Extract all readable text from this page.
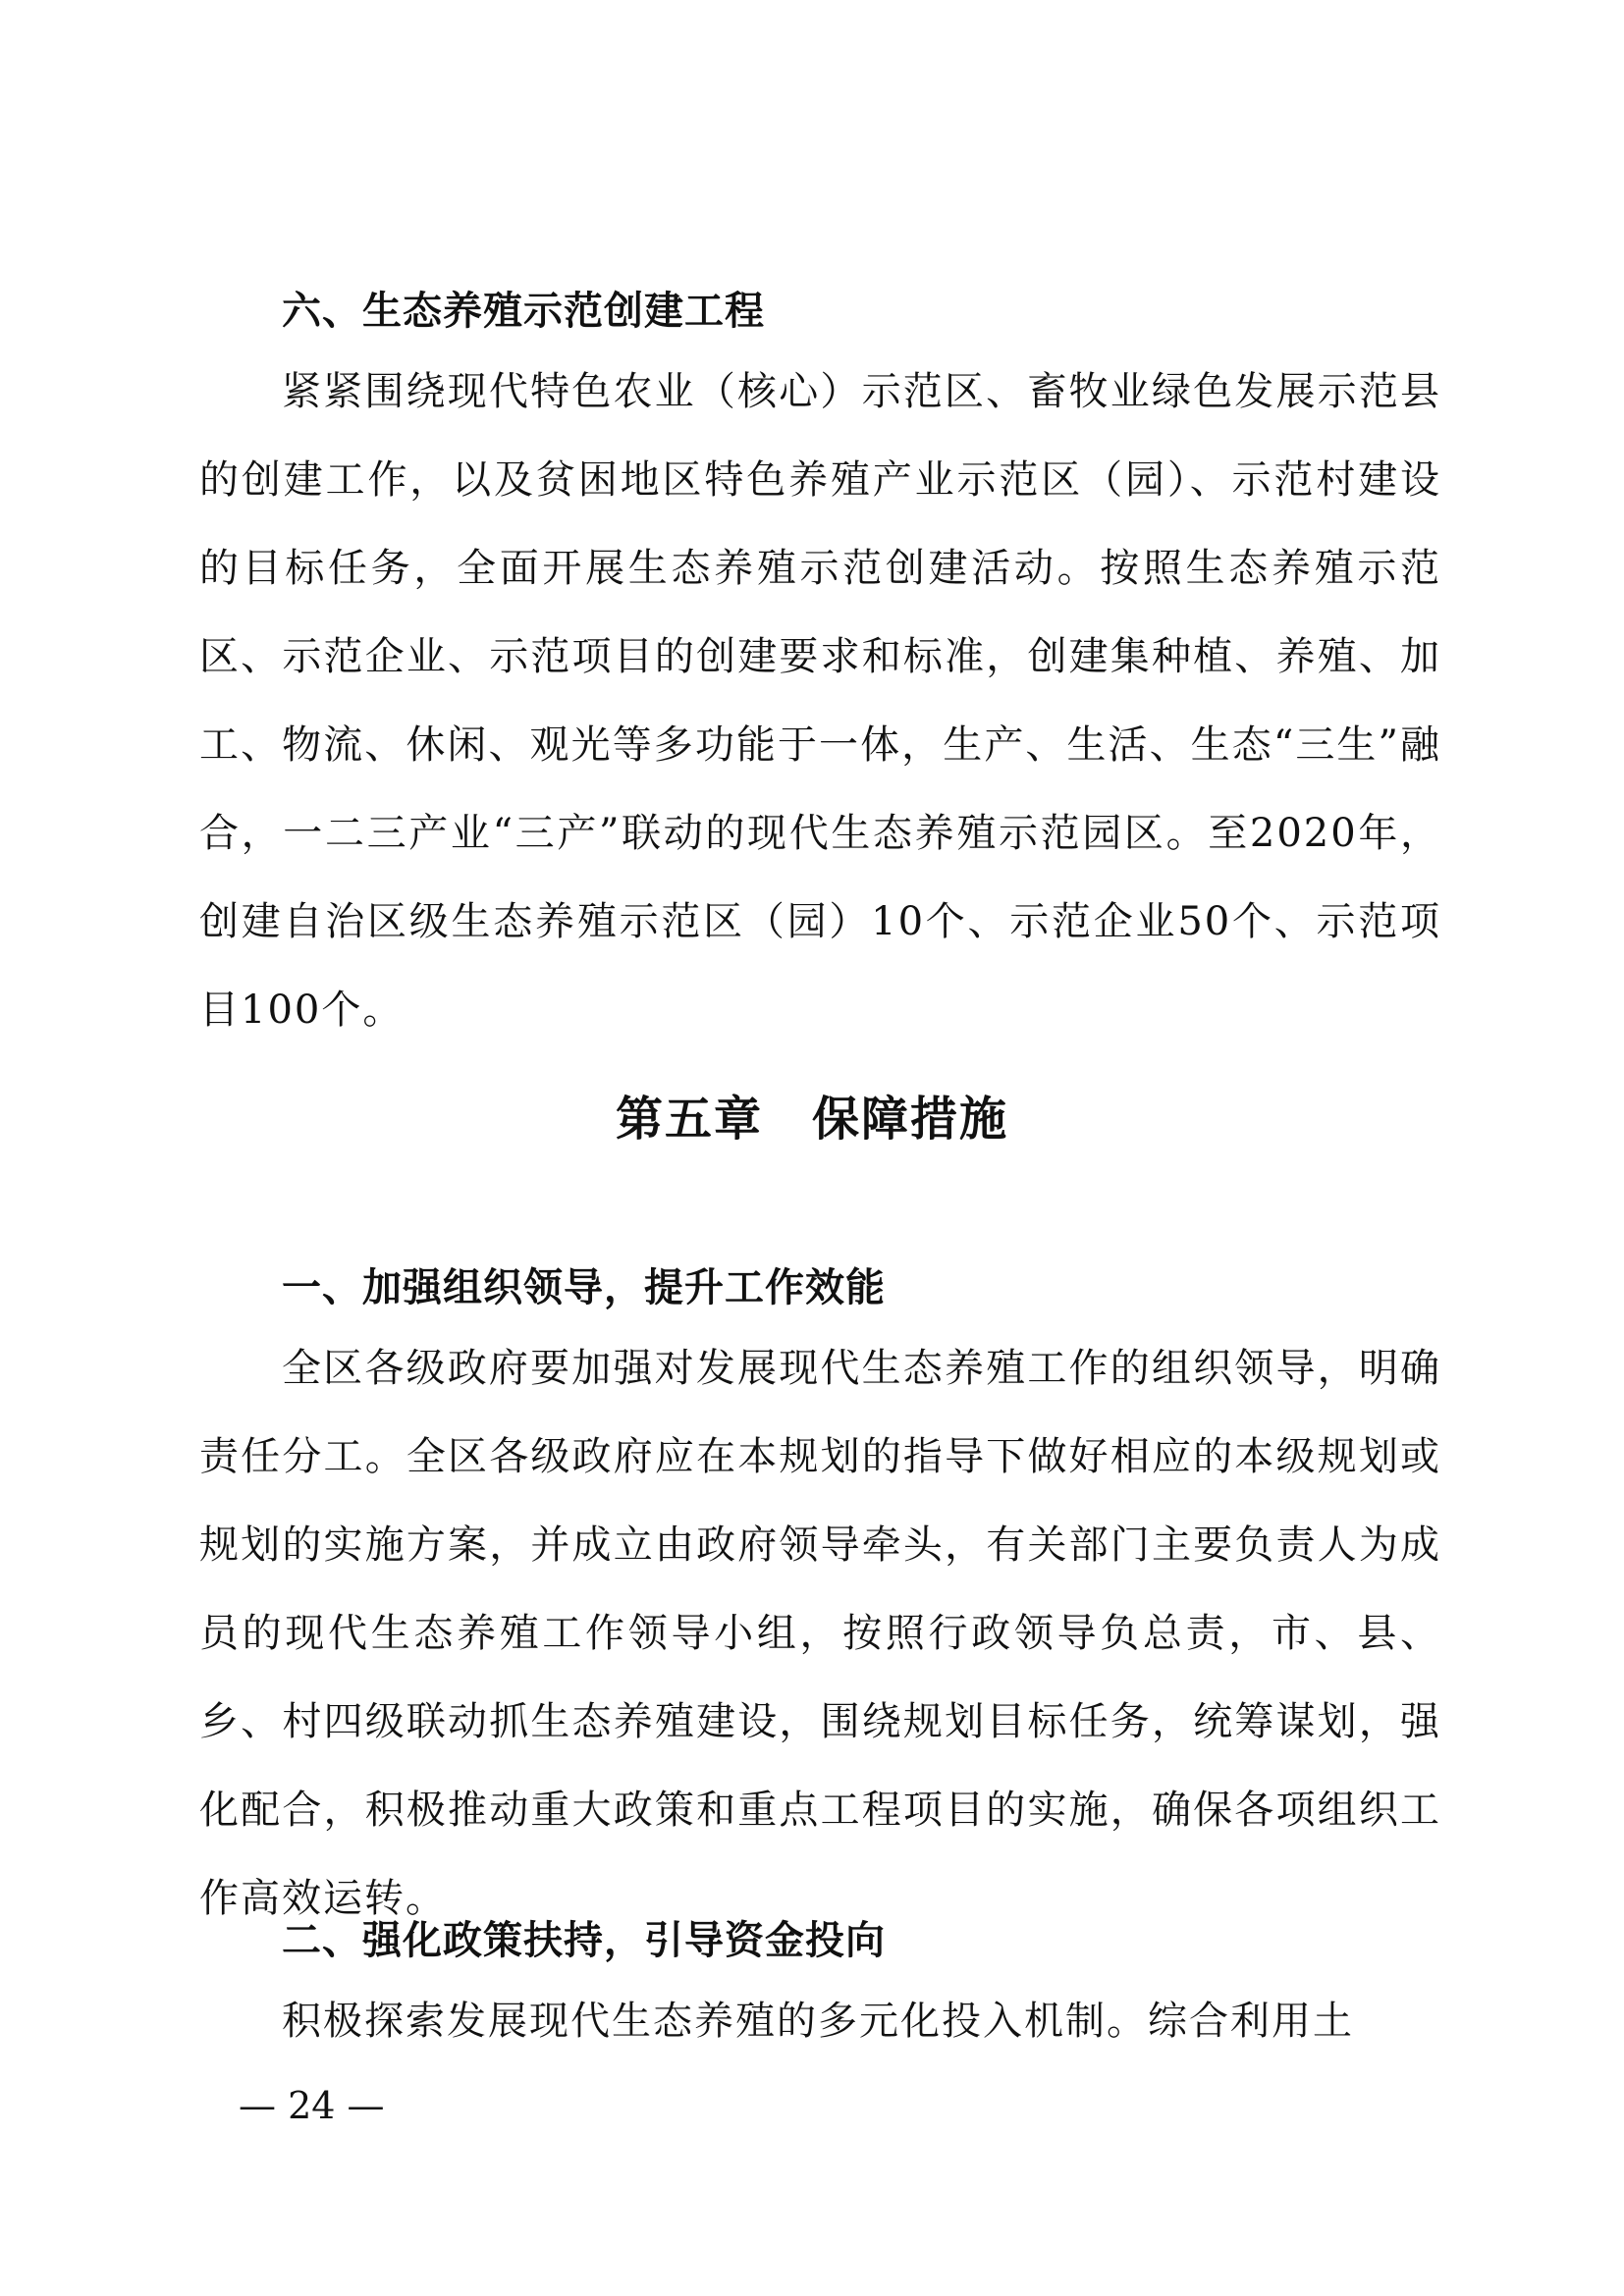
六、生态养殖示范创建工程

紧紧围绕现代特色农业（核心）示范区、畜牧业绿色发展示范县的创建工作，以及贫困地区特色养殖产业示范区（园）、示范村建设的目标任务，全面开展生态养殖示范创建活动。按照生态养殖示范区、示范企业、示范项目的创建要求和标准，创建集种植、养殖、加工、物流、休闲、观光等多功能于一体，生产、生活、生态“三生”融合，一二三产业“三产”联动的现代生态养殖示范园区。至2020年，创建自治区级生态养殖示范区（园）10个、示范企业50个、示范项目100个。

第五章　保障措施
一、加强组织领导，提升工作效能

全区各级政府要加强对发展现代生态养殖工作的组织领导，明确责任分工。全区各级政府应在本规划的指导下做好相应的本级规划或规划的实施方案，并成立由政府领导牵头，有关部门主要负责人为成员的现代生态养殖工作领导小组，按照行政领导负总责，市、县、乡、村四级联动抓生态养殖建设，围绕规划目标任务，统筹谋划，强化配合，积极推动重大政策和重点工程项目的实施，确保各项组织工作高效运转。

二、强化政策扶持，引导资金投向

积极探索发展现代生态养殖的多元化投入机制。综合利用土

— 24 —
